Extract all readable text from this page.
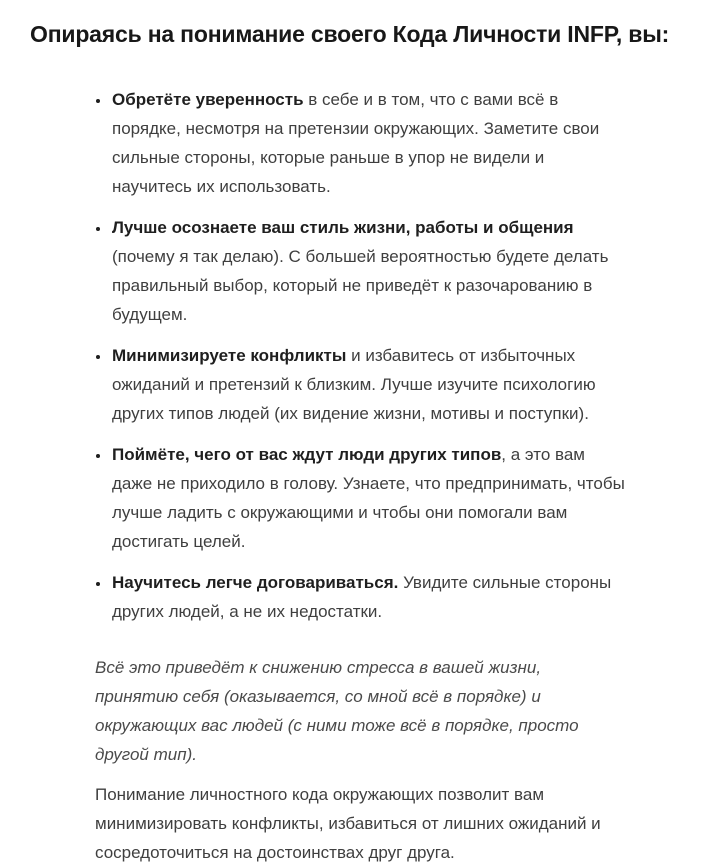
Опираясь на понимание своего Кода Личности INFP, вы:
• Обретёте уверенность в себе и в том, что с вами всё в порядке, несмотря на претензии окружающих. Заметите свои сильные стороны, которые раньше в упор не видели и научитесь их использовать.
• Лучше осознаете ваш стиль жизни, работы и общения (почему я так делаю). С большей вероятностью будете делать правильный выбор, который не приведёт к разочарованию в будущем.
• Минимизируете конфликты и избавитесь от избыточных ожиданий и претензий к близким. Лучше изучите психологию других типов людей (их видение жизни, мотивы и поступки).
• Поймёте, чего от вас ждут люди других типов, а это вам даже не приходило в голову. Узнаете, что предпринимать, чтобы лучше ладить с окружающими и чтобы они помогали вам достигать целей.
• Научитесь легче договариваться. Увидите сильные стороны других людей, а не их недостатки.

Всё это приведёт к снижению стресса в вашей жизни, принятию себя (оказывается, со мной всё в порядке) и окружающих вас людей (с ними тоже всё в порядке, просто другой тип).

Понимание личностного кода окружающих позволит вам минимизировать конфликты, избавиться от лишних ожиданий и сосредоточиться на достоинствах друг друга.
